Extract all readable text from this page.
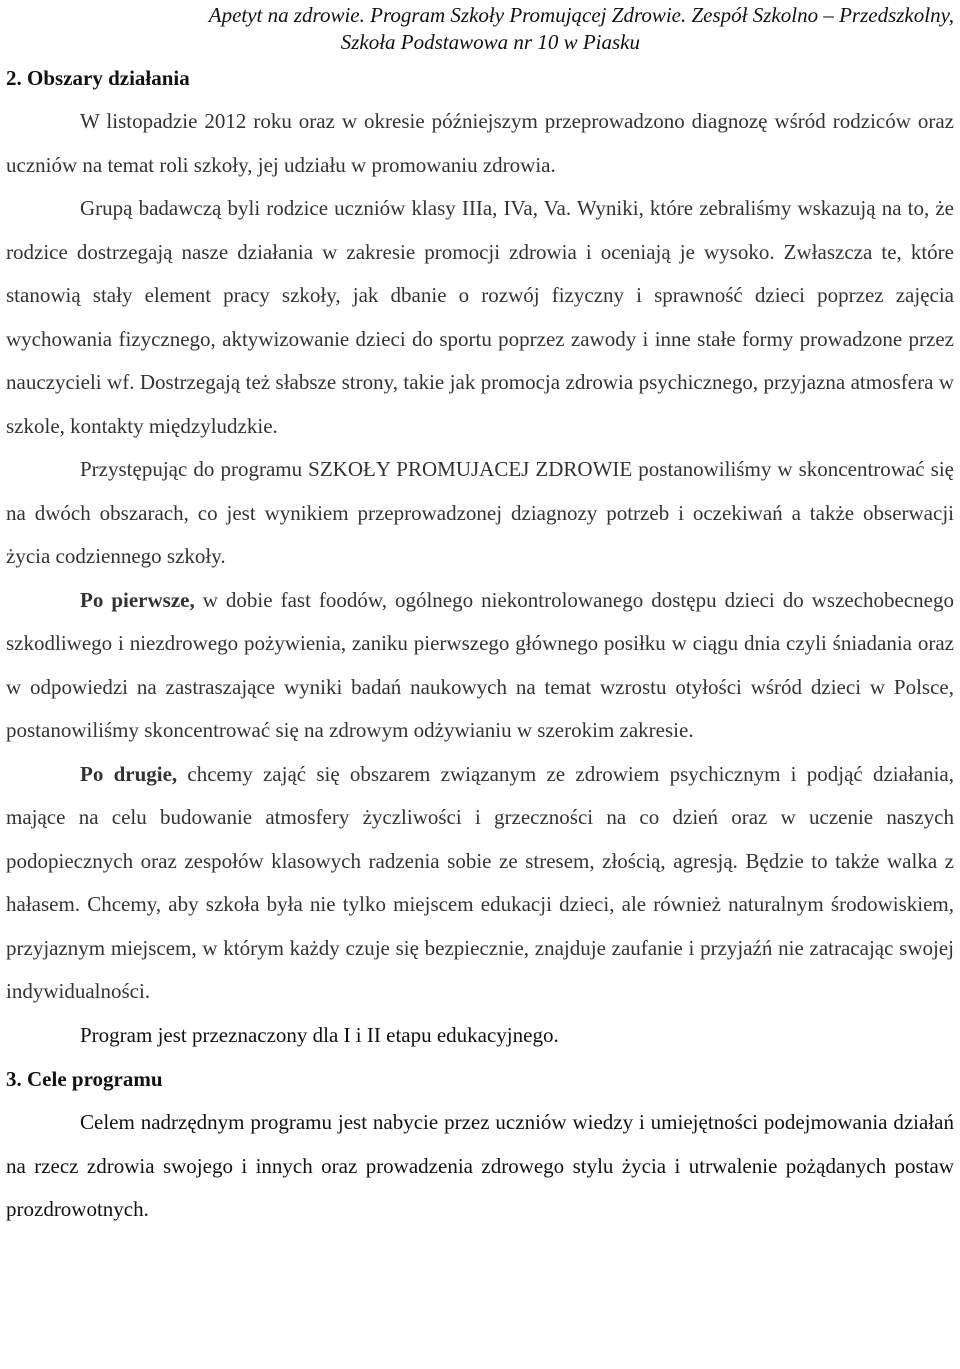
Apetyt na zdrowie. Program Szkoły Promującej Zdrowie. Zespół Szkolno – Przedszkolny,
Szkoła Podstawowa nr 10 w Piasku
2. Obszary działania

W listopadzie 2012 roku oraz w okresie późniejszym przeprowadzono diagnozę wśród rodziców oraz uczniów na temat roli szkoły, jej udziału w promowaniu zdrowia.

Grupą badawczą byli rodzice uczniów klasy IIIa, IVa, Va. Wyniki, które zebraliśmy wskazują na to, że rodzice dostrzegają nasze działania w zakresie promocji zdrowia i oceniają je wysoko. Zwłaszcza te, które stanowią stały element pracy szkoły, jak dbanie o rozwój fizyczny i sprawność dzieci poprzez zajęcia wychowania fizycznego, aktywizowanie dzieci do sportu poprzez zawody i inne stałe formy prowadzone przez nauczycieli wf. Dostrzegają też słabsze strony, takie jak promocja zdrowia psychicznego, przyjazna atmosfera w szkole, kontakty międzyludzkie.

Przystępując do programu SZKOŁY PROMUJACEJ ZDROWIE postanowiliśmy w skoncentrować się na dwóch obszarach, co jest wynikiem przeprowadzonej dziagnozy potrzeb i oczekiwań a także obserwacji życia codziennego szkoły.

Po pierwsze, w dobie fast foodów, ogólnego niekontrolowanego dostępu dzieci do wszechobecnego szkodliwego i niezdrowego pożywienia, zaniku pierwszego głównego posiłku w ciągu dnia czyli śniadania oraz w odpowiedzi na zastraszające wyniki badań naukowych na temat wzrostu otyłości wśród dzieci w Polsce, postanowiliśmy skoncentrować się na zdrowym odżywianiu w szerokim zakresie.

Po drugie, chcemy zająć się obszarem związanym ze zdrowiem psychicznym i podjąć działania, mające na celu budowanie atmosfery życzliwości i grzeczności na co dzień oraz w uczenie naszych podopiecznych oraz zespołów klasowych radzenia sobie ze stresem, złością, agresją. Będzie to także walka z hałasem. Chcemy, aby szkoła była nie tylko miejscem edukacji dzieci, ale również naturalnym środowiskiem, przyjaznym miejscem, w którym każdy czuje się bezpiecznie, znajduje zaufanie i przyjaźń nie zatracając swojej indywidualności.

Program jest przeznaczony dla I i II etapu edukacyjnego.

3. Cele programu

Celem nadrzędnym programu jest nabycie przez uczniów wiedzy i umiejętności podejmowania działań na rzecz zdrowia swojego i innych oraz prowadzenia zdrowego stylu życia i utrwalenie pożądanych postaw prozdrowotnych.
